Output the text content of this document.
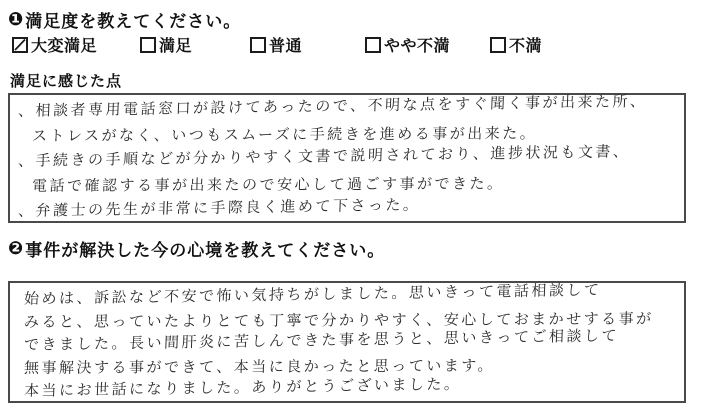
❶ 満足度を教えてください。
大変満足	満足	普通	やや不満	不満
満足に感じた点
、相談者専用電話窓口が設けてあったので、不明な点をすぐ聞く事が出来た所、
ストレスがなく、いつもスムーズに手続きを進める事が出来た。
、手続きの手順などが分かりやすく文書で説明されており、進捗状況も文書、
電話で確認する事が出来たので安心して過ごす事ができた。
、弁護士の先生が非常に手際良く進めて下さった。
❷ 事件が解決した今の心境を教えてください。
始めは、訴訟など不安で怖い気持ちがしました。思いきって電話相談して
みると、思っていたよりとても丁寧で分かりやすく、安心しておまかせする事が
できました。長い間肝炎に苦しんできた事を思うと、思いきってご相談して
無事解決する事ができて、本当に良かったと思っています。
本当にお世話になりました。ありがとうございました。
